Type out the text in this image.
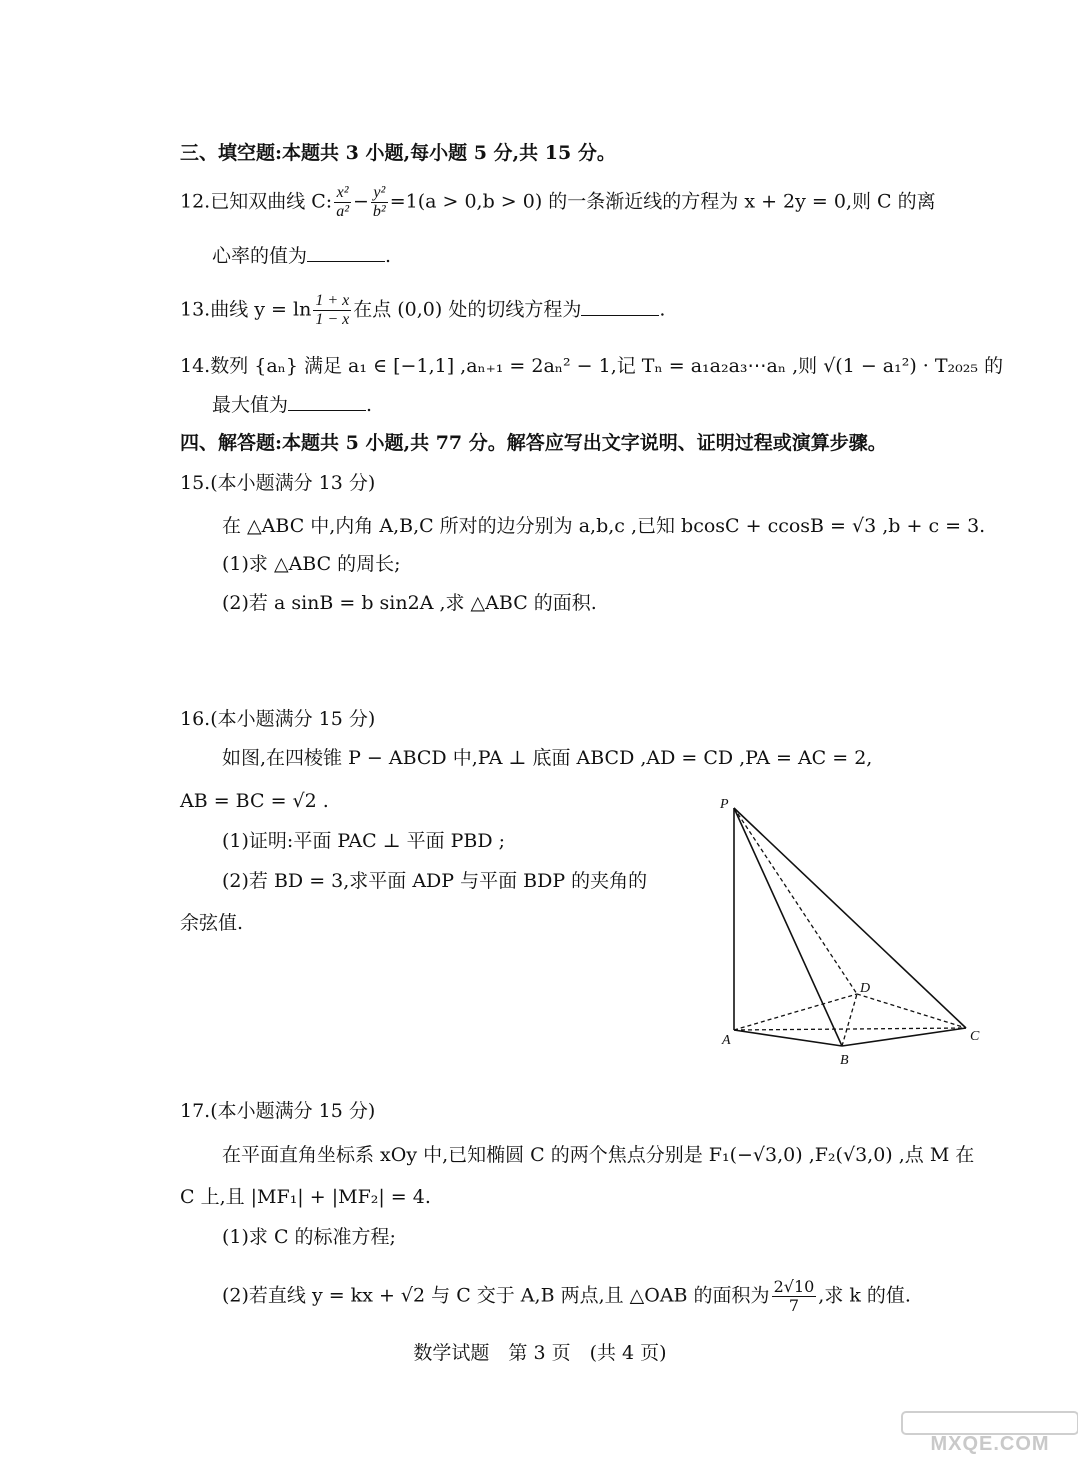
三、填空题:本题共 3 小题,每小题 5 分,共 15 分。
12.已知双曲线 C: $\frac{\text{x²}}{\text{a²}} - \frac{\text{y²}}{\text{b²}} =1(a > 0,b > 0)$ 的一条渐近线的方程为 x + 2y = 0,则 C 的离
心率的值为	.
13.曲线 $y = \ln \frac{1 + x}{1 - x}$ 在点 (0,0) 处的切线方程为	.
14.数列 {aₙ} 满足 a₁ ∈ [−1,1] ,aₙ₊₁ = 2aₙ² − 1,记 Tₙ = a₁a₂a₃⋯aₙ ,则 √(1 − a₁²) · T₂₀₂₅ 的
最大值为	.
四、解答题:本题共 5 小题,共 77 分。解答应写出文字说明、证明过程或演算步骤。
15.(本小题满分 13 分)
在 △ABC 中,内角 A,B,C 所对的边分别为 a,b,c ,已知 bcosC + ccosB = √3 ,b + c = 3.
(1)求 △ABC 的周长;
(2)若 a sinB = b sin2A ,求 △ABC 的面积.
16.(本小题满分 15 分)
如图,在四棱锥 P − ABCD 中,PA ⊥ 底面 ABCD ,AD = CD ,PA = AC = 2,
AB = BC = √2 .
(1)证明:平面 PAC ⊥ 平面 PBD ;
(2)若 BD = 3,求平面 ADP 与平面 BDP 的夹角的
余弦值.
P
A
B
C
D
17.(本小题满分 15 分)
在平面直角坐标系 xOy 中,已知椭圆 C 的两个焦点分别是 F₁(−√3,0) ,F₂(√3,0) ,点 M 在
C 上,且 |MF₁| + |MF₂| = 4.
(1)求 C 的标准方程;
(2)若直线 y = kx + √2 与 C 交于 A,B 两点,且 △OAB 的面积为 $\frac{2√10}{7}$ ,求 k 的值.
数学试题　第 3 页　(共 4 页)
MXQE.COM
